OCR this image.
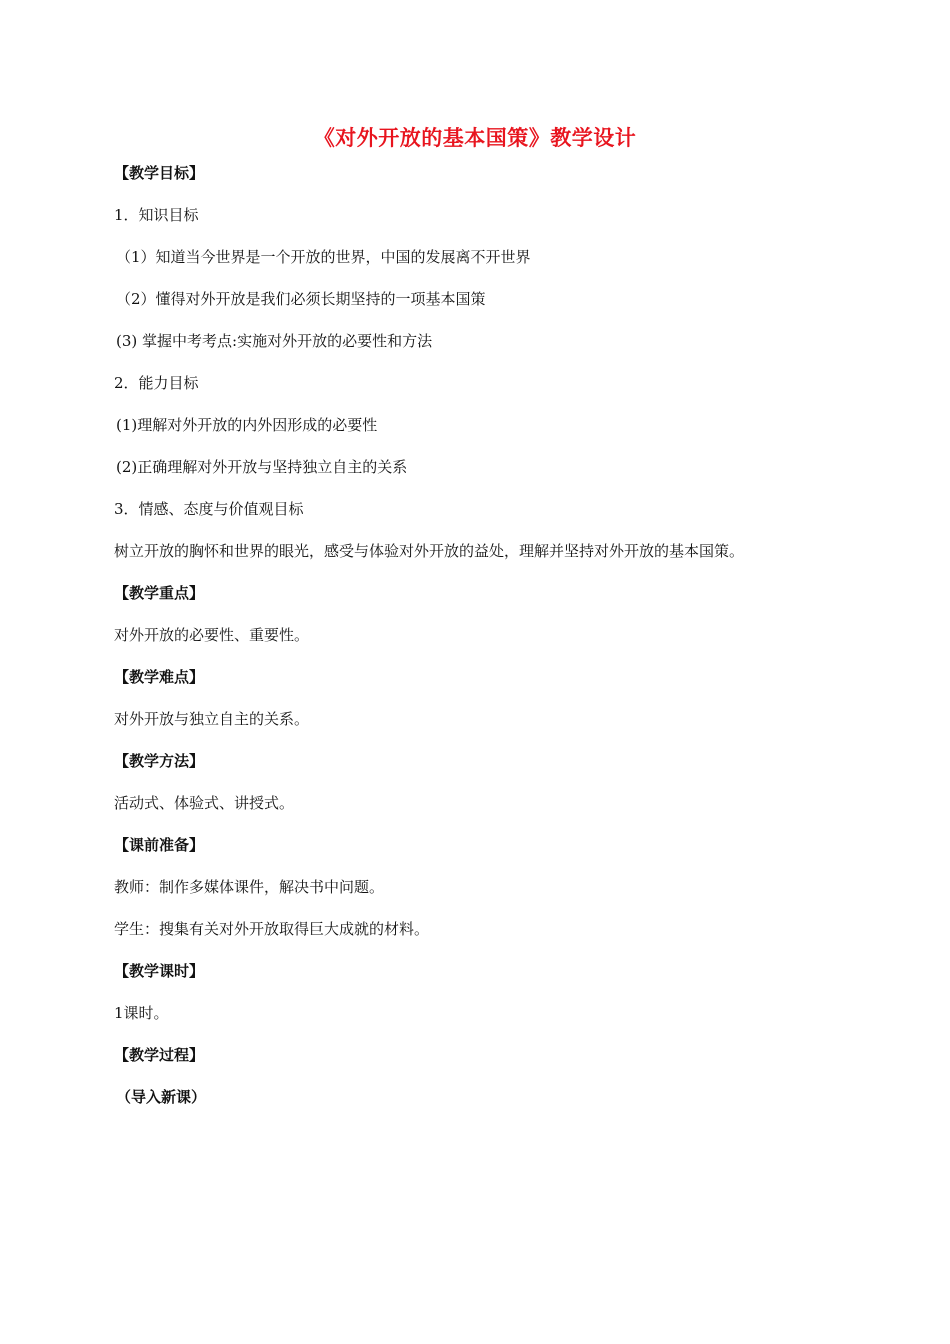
《对外开放的基本国策》教学设计
【教学目标】
1．知识目标
（1）知道当今世界是一个开放的世界，中国的发展离不开世界
（2）懂得对外开放是我们必须长期坚持的一项基本国策
(3) 掌握中考考点:实施对外开放的必要性和方法
2．能力目标
(1)理解对外开放的内外因形成的必要性
(2)正确理解对外开放与坚持独立自主的关系
3．情感、态度与价值观目标
树立开放的胸怀和世界的眼光，感受与体验对外开放的益处，理解并坚持对外开放的基本国策。
【教学重点】
对外开放的必要性、重要性。
【教学难点】
对外开放与独立自主的关系。
【教学方法】
活动式、体验式、讲授式。
【课前准备】
教师：制作多媒体课件，解决书中问题。
学生：搜集有关对外开放取得巨大成就的材料。
【教学课时】
1课时。
【教学过程】
（导入新课）
